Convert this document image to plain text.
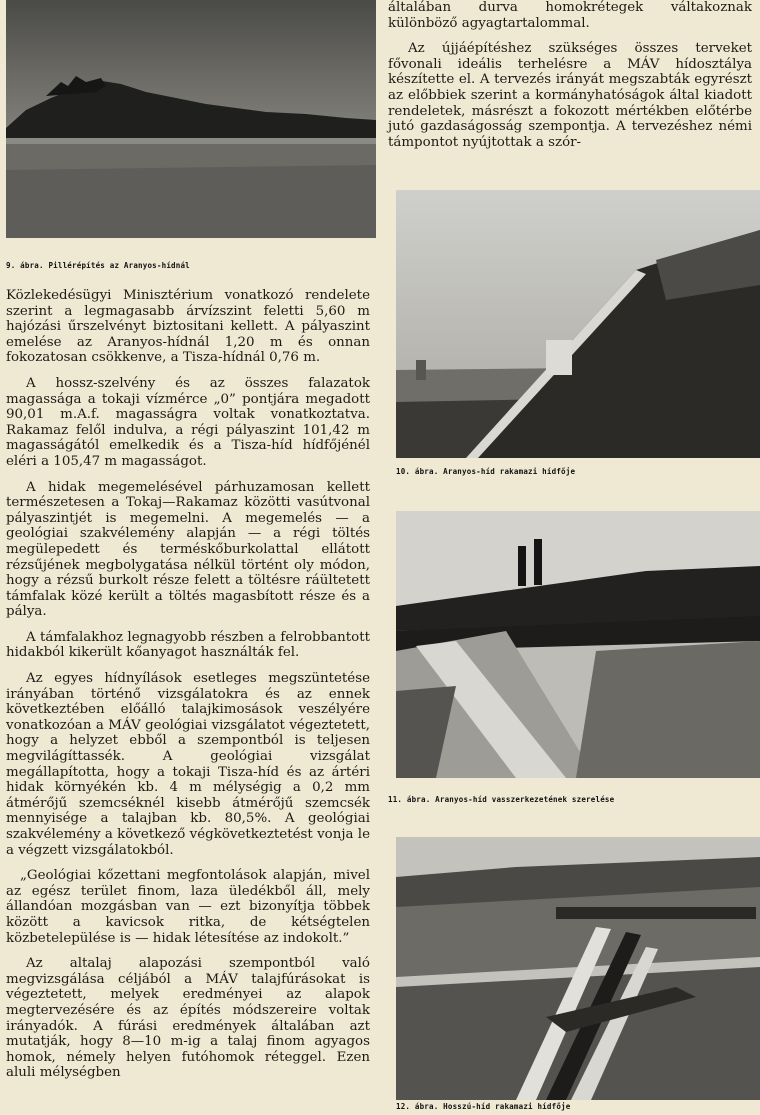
9. ábra. Pillérépítés az Aranyos-hídnál

Közlekedésügyi Minisztérium vonatkozó rendelete szerint a legmagasabb árvízszint feletti 5,60 m hajózási űrszelvényt biztositani kellett. A pályaszint emelése az Aranyos-hídnál 1,20 m és onnan fokozatosan csökkenve, a Tisza-hídnál 0,76 m.

A hossz-szelvény és az összes falazatok magassága a tokaji vízmérce „0” pontjára megadott 90,01 m.A.f. magasságra voltak vonatkoztatva. Rakamaz felől indulva, a régi pályaszint 101,42 m magasságától emelkedik és a Tisza-híd hídfőjénél eléri a 105,47 m magasságot.

A hidak megemelésével párhuzamosan kellett természetesen a Tokaj—Rakamaz közötti vasútvonal pályaszintjét is megemelni. A megemelés — a geológiai szakvélemény alapján — a régi töltés megülepedett és terméskőburkolattal ellátott rézsűjének megbolygatása nélkül történt oly módon, hogy a rézsű burkolt része felett a töltésre ráültetett támfalak közé került a töltés magasbított része és a pálya.

A támfalakhoz legnagyobb részben a felrobbantott hidakból kikerült kőanyagot használták fel.

Az egyes hídnyílások esetleges megszüntetése irányában történő vizsgálatokra és az ennek következtében előálló talajkimosások veszélyére vonatkozóan a MÁV geológiai vizsgálatot végeztetett, hogy a helyzet ebből a szempontból is teljesen megvilágíttassék. A geológiai vizsgálat megállapította, hogy a tokaji Tisza-híd és az ártéri hidak környékén kb. 4 m mélységig a 0,2 mm átmérőjű szemcséknél kisebb átmérőjű szemcsék mennyisége a talajban kb. 80,5%. A geológiai szakvélemény a következő végkövetkeztetést vonja le a végzett vizsgálatokból.

„Geológiai kőzettani megfontolások alapján, mivel az egész terület finom, laza üledékből áll, mely állandóan mozgásban van — ezt bizonyítja többek között a kavicsok ritka, de kétségtelen közbetelepülése is — hidak létesítése az indokolt.”

Az altalaj alapozási szempontból való megvizsgálása céljából a MÁV talajfúrásokat is végeztetett, melyek eredményei az alapok megtervezésére és az építés módszereire voltak irányadók. A fúrási eredmények általában azt mutatják, hogy 8—10 m-ig a talaj finom agyagos homok, némely helyen futóhomok réteggel. Ezen aluli mélységben

általában durva homokrétegek váltakoznak különböző agyagtartalommal.

Az újjáépítéshez szükséges összes terveket fővonali ideális terhelésre a MÁV hídosztálya készítette el. A tervezés irányát megszabták egyrészt az előbbiek szerint a kormányhatóságok által kiadott rendeletek, másrészt a fokozott mértékben előtérbe jutó gazdaságosság szempontja. A tervezéshez némi támpontot nyújtottak a szór-

10. ábra. Aranyos-híd rakamazi hídfője
11. ábra. Aranyos-híd vasszerkezetének szerelése
12. ábra. Hosszú-híd rakamazi hídfője
